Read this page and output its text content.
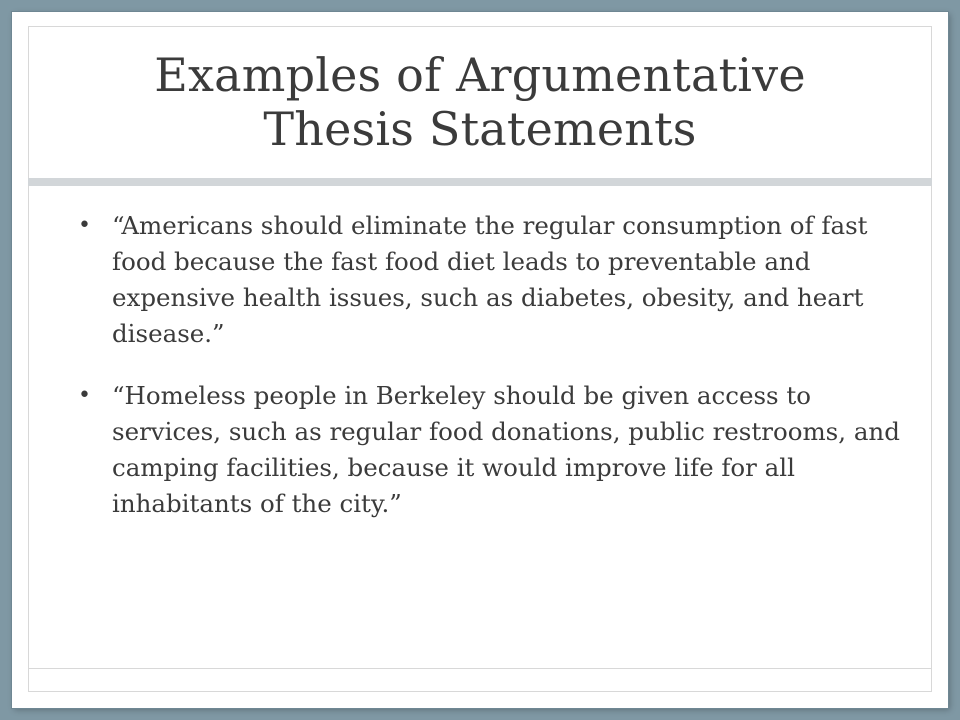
Examples of Argumentative Thesis Statements
• “Americans should eliminate the regular consumption of fast food because the fast food diet leads to preventable and expensive health issues, such as diabetes, obesity, and heart disease.”
• “Homeless people in Berkeley should be given access to services, such as regular food donations, public restrooms, and camping facilities, because it would improve life for all inhabitants of the city.”
